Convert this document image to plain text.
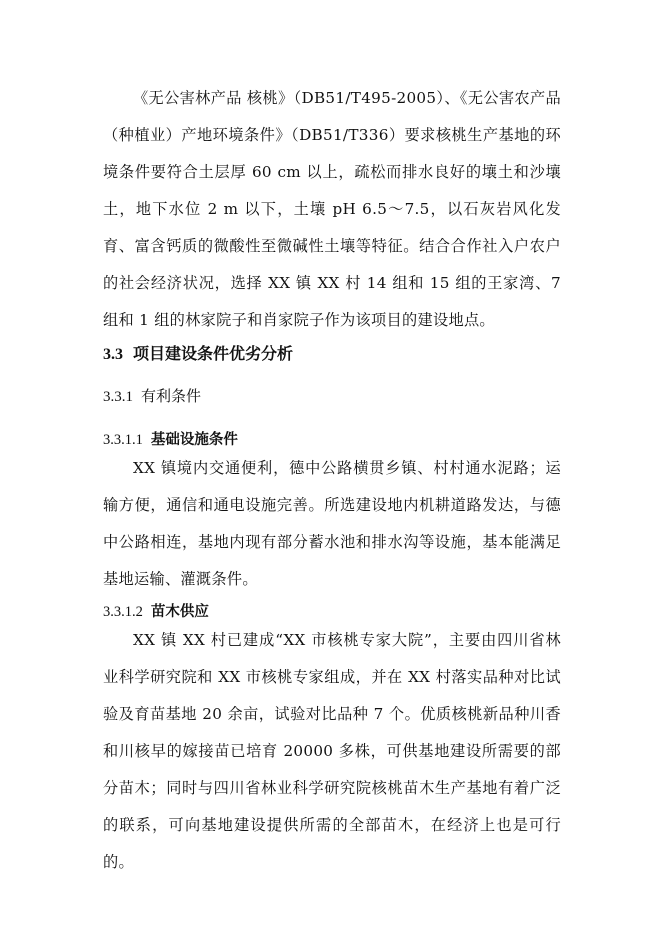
《无公害林产品 核桃》（DB51/T495-2005）、《无公害农产品（种植业）产地环境条件》（DB51/T336）要求核桃生产基地的环境条件要符合土层厚 60 cm 以上，疏松而排水良好的壤土和沙壤土，地下水位 2 m 以下，土壤 pH 6.5～7.5，以石灰岩风化发育、富含钙质的微酸性至微碱性土壤等特征。结合合作社入户农户的社会经济状况，选择 XX 镇 XX 村 14 组和 15 组的王家湾、7 组和 1 组的林家院子和肖家院子作为该项目的建设地点。

3.3 项目建设条件优劣分析
3.3.1 有利条件
3.3.1.1 基础设施条件

XX 镇境内交通便利，德中公路横贯乡镇、村村通水泥路；运输方便，通信和通电设施完善。所选建设地内机耕道路发达，与德中公路相连，基地内现有部分蓄水池和排水沟等设施，基本能满足基地运输、灌溉条件。

3.3.1.2 苗木供应

XX 镇 XX 村已建成“XX 市核桃专家大院”，主要由四川省林业科学研究院和 XX 市核桃专家组成，并在 XX 村落实品种对比试验及育苗基地 20 余亩，试验对比品种 7 个。优质核桃新品种川香和川核早的嫁接苗已培育 20000 多株，可供基地建设所需要的部分苗木；同时与四川省林业科学研究院核桃苗木生产基地有着广泛的联系，可向基地建设提供所需的全部苗木，在经济上也是可行的。
